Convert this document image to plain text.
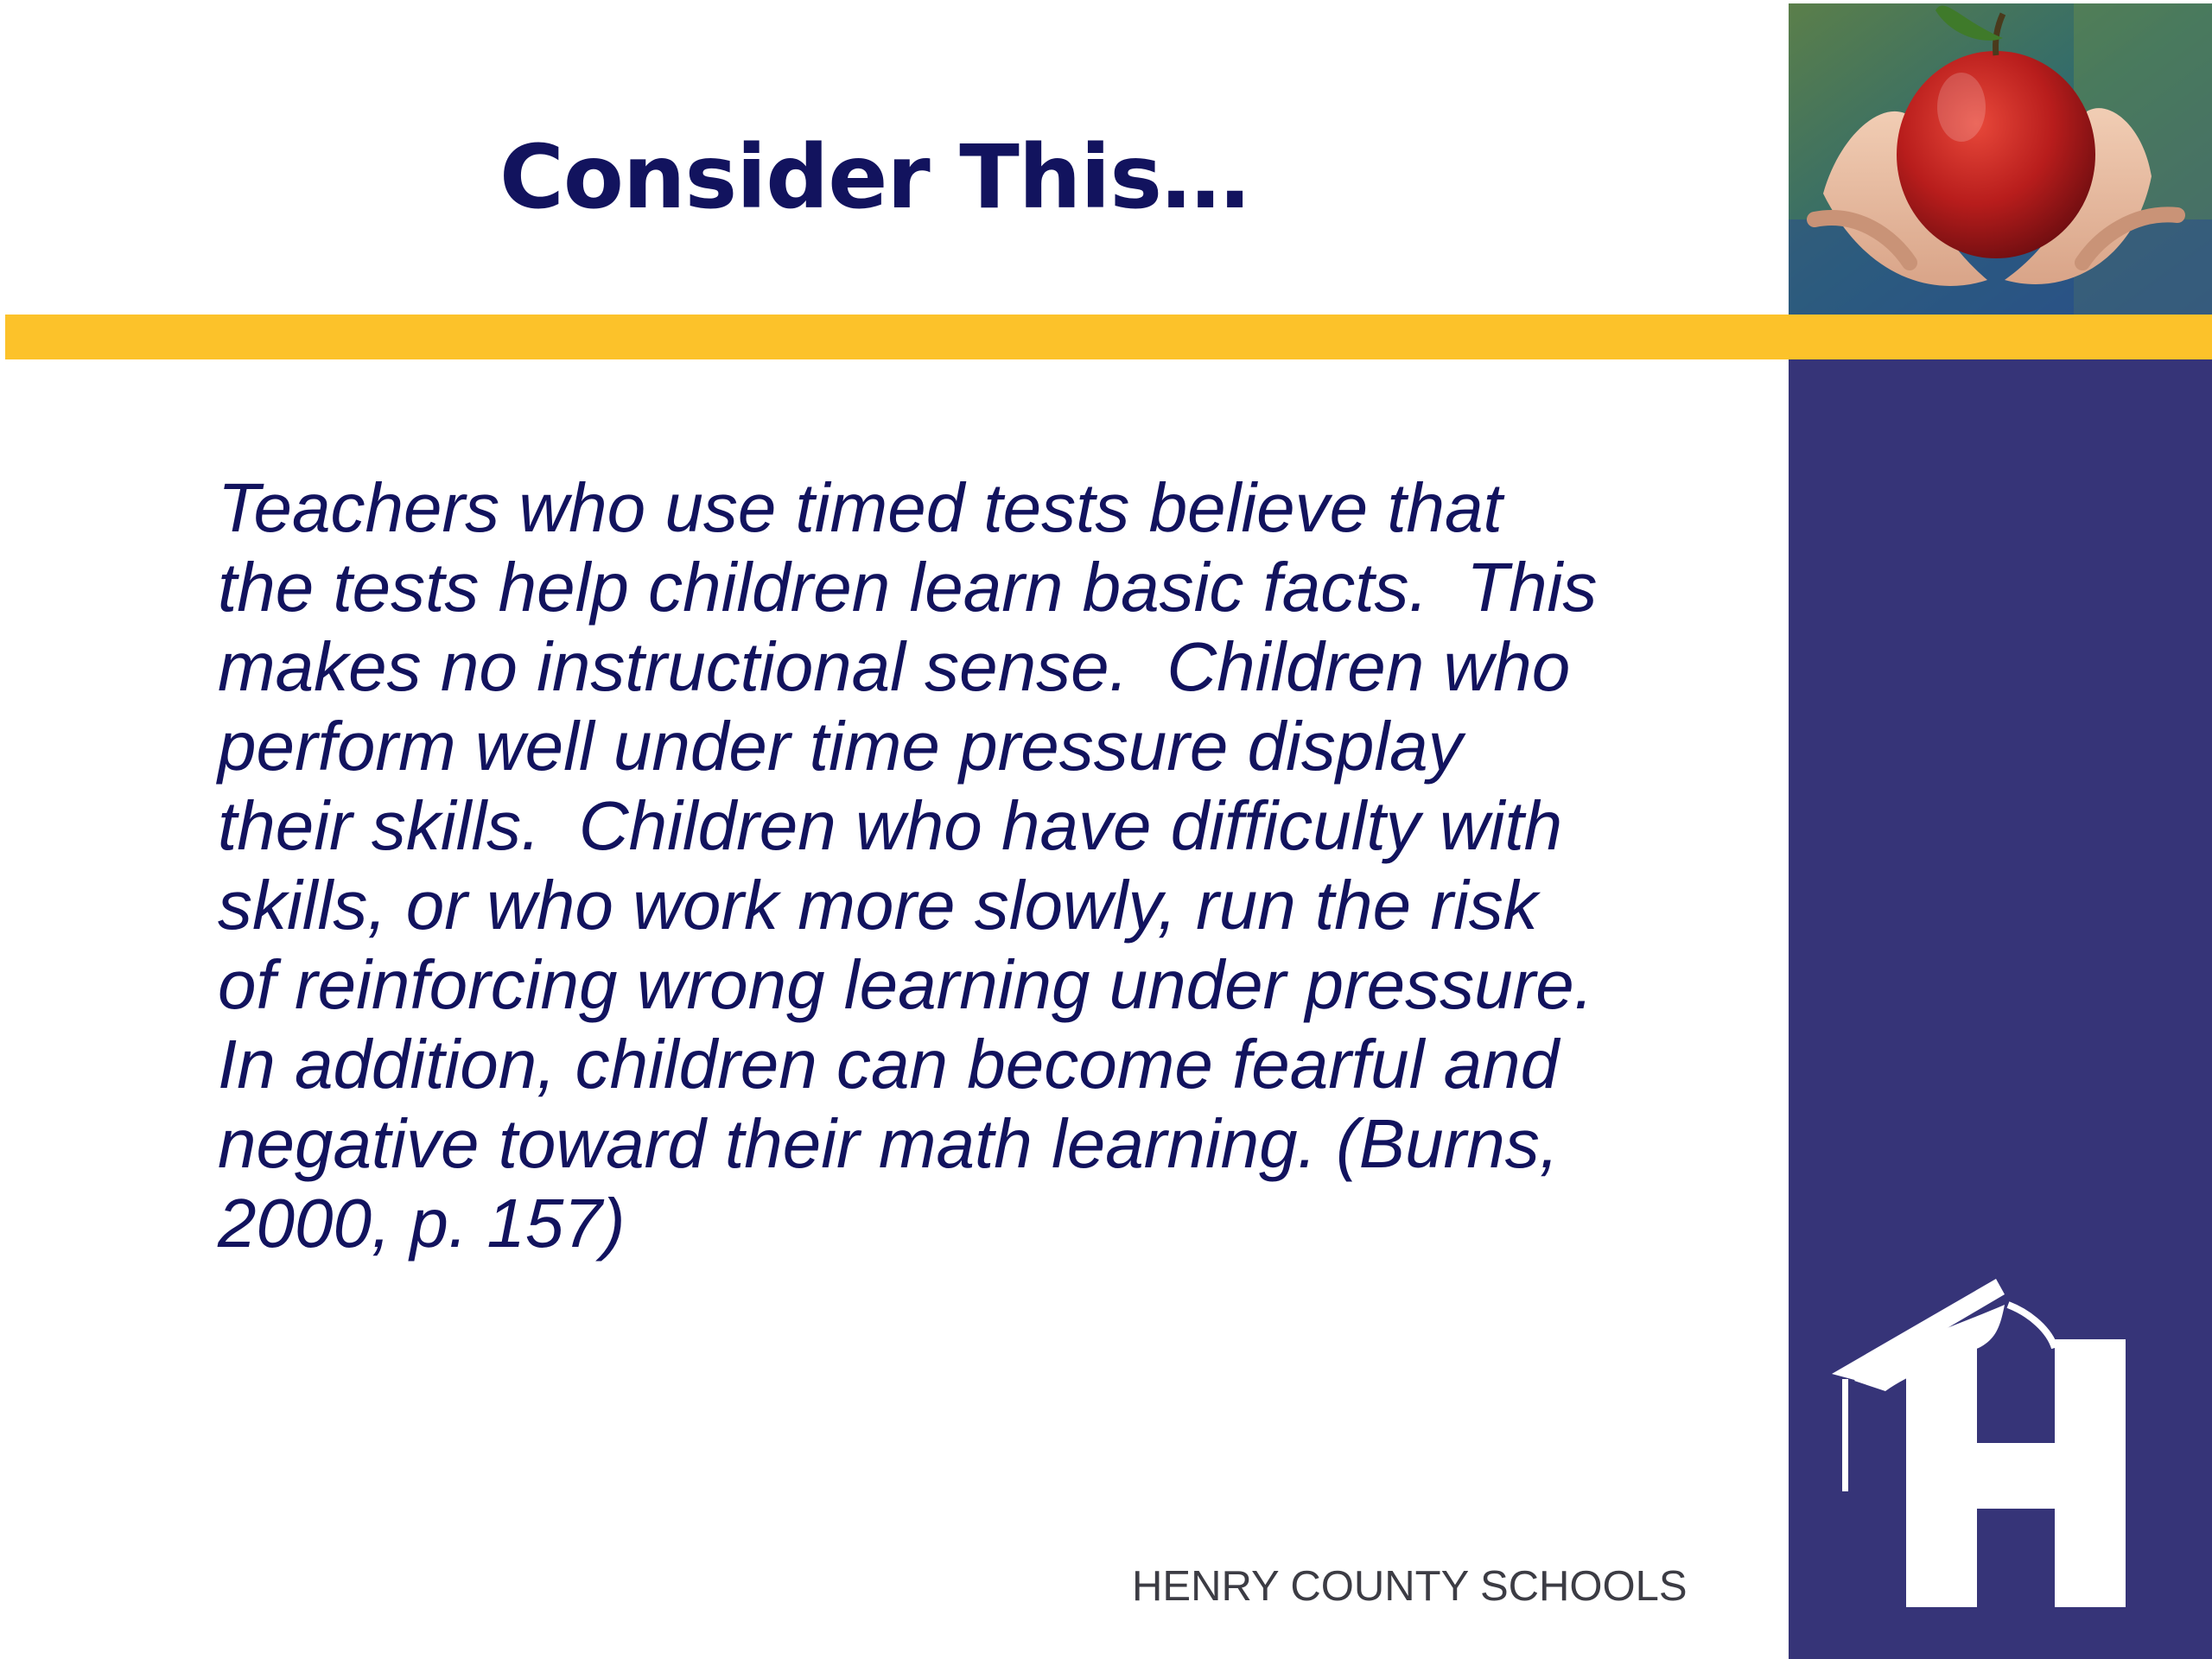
Consider This…

Teachers who use timed tests believe that
the tests help children learn basic facts.  This
makes no instructional sense.  Children who
perform well under time pressure display
their skills.  Children who have difficulty with
skills, or who work more slowly, run the risk
of reinforcing wrong learning under pressure.
In addition, children can become fearful and
negative toward their math learning. (Burns,
2000, p. 157)

HENRY COUNTY SCHOOLS
